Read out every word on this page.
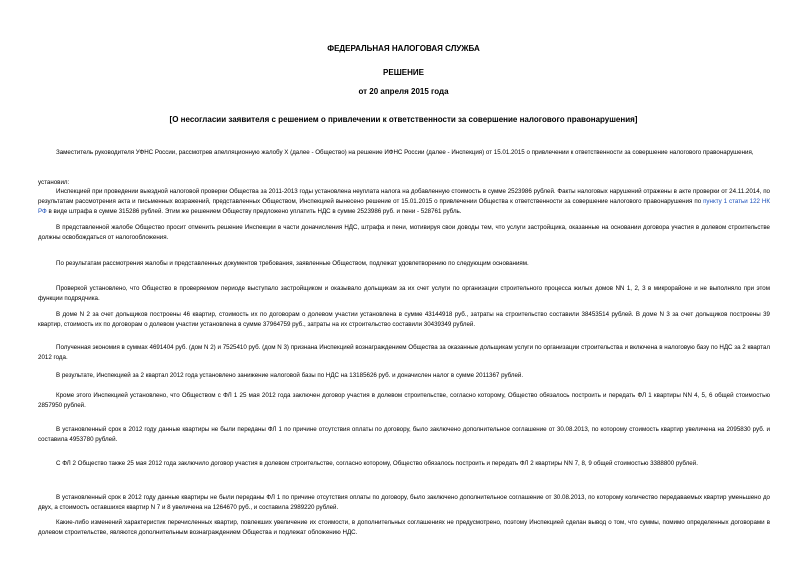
ФЕДЕРАЛЬНАЯ НАЛОГОВАЯ СЛУЖБА
РЕШЕНИЕ
от 20 апреля 2015 года
[О несогласии заявителя с решением о привлечении к ответственности за совершение налогового правонарушения]
Заместитель руководителя УФНС России, рассмотрев апелляционную жалобу Х (далее - Общество) на решение ИФНС России (далее - Инспекция) от 15.01.2015 о привлечении к ответственности за совершение налогового правонарушения,
установил:
Инспекцией при проведении выездной налоговой проверки Общества за 2011-2013 годы установлена неуплата налога на добавленную стоимость в сумме 2523986 рублей. Факты налоговых нарушений отражены в акте проверки от 24.11.2014, по результатам рассмотрения акта и письменных возражений, представленных Обществом, Инспекцией вынесено решение от 15.01.2015 о привлечении Общества к ответственности за совершение налогового правонарушения по пункту 1 статьи 122 НК РФ в виде штрафа в сумме 315286 рублей. Этим же решением Обществу предложено уплатить НДС в сумме 2523986 руб. и пени - 528761 рубль.
В представленной жалобе Общество просит отменить решение Инспекции в части доначисления НДС, штрафа и пени, мотивируя свои доводы тем, что услуги застройщика, оказанные на основании договора участия в долевом строительстве должны освобождаться от налогообложения.
По результатам рассмотрения жалобы и представленных документов требования, заявленные Обществом, подлежат удовлетворению по следующим основаниям.
Проверкой установлено, что Общество в проверяемом периоде выступало застройщиком и оказывало дольщикам за их счет услуги по организации строительного процесса жилых домов NN 1, 2, 3 в микрорайоне и не выполняло при этом функции подрядчика.
В доме N 2 за счет дольщиков построены 46 квартир, стоимость их по договорам о долевом участии установлена в сумме 43144918 руб., затраты на строительство составили 38453514 рублей. В доме N 3 за счет дольщиков построены 39 квартир, стоимость их по договорам о долевом участии установлена в сумме 37964759 руб., затраты на их строительство составили 30439349 рублей.
Полученная экономия в суммах 4691404 руб. (дом N 2) и 7525410 руб. (дом N 3) признана Инспекцией вознаграждением Общества за оказанные дольщикам услуги по организации строительства и включена в налоговую базу по НДС за 2 квартал 2012 года.
В результате, Инспекцией за 2 квартал 2012 года установлено занижение налоговой базы по НДС на 13185626 руб. и доначислен налог в сумме 2011367 рублей.
Кроме этого Инспекцией установлено, что Обществом с ФЛ 1 25 мая 2012 года заключен договор участия в долевом строительстве, согласно которому, Общество обязалось построить и передать ФЛ 1 квартиры NN 4, 5, 6 общей стоимостью 2857950 рублей.
В установленный срок в 2012 году данные квартиры не были переданы ФЛ 1 по причине отсутствия оплаты по договору, было заключено дополнительное соглашение от 30.08.2013, по которому стоимость квартир увеличена на 2095830 руб. и составила 4953780 рублей.
С ФЛ 2 Общество также 25 мая 2012 года заключило договор участия в долевом строительстве, согласно которому, Общество обязалось построить и передать ФЛ 2 квартиры NN 7, 8, 9 общей стоимостью 3388800 рублей.
В установленный срок в 2012 году данные квартиры не были переданы ФЛ 1 по причине отсутствия оплаты по договору, было заключено дополнительное соглашение от 30.08.2013, по которому количество передаваемых квартир уменьшено до двух, а стоимость оставшихся квартир N 7 и 8 увеличена на 1264670 руб., и составила 2989220 рублей.
Какие-либо изменений характеристик перечисленных квартир, повлекших увеличение их стоимости, в дополнительных соглашениях не предусмотрено, поэтому Инспекцией сделан вывод о том, что суммы, помимо определенных договорами в долевом строительстве, являются дополнительным вознаграждением Общества и подлежат обложению НДС.
